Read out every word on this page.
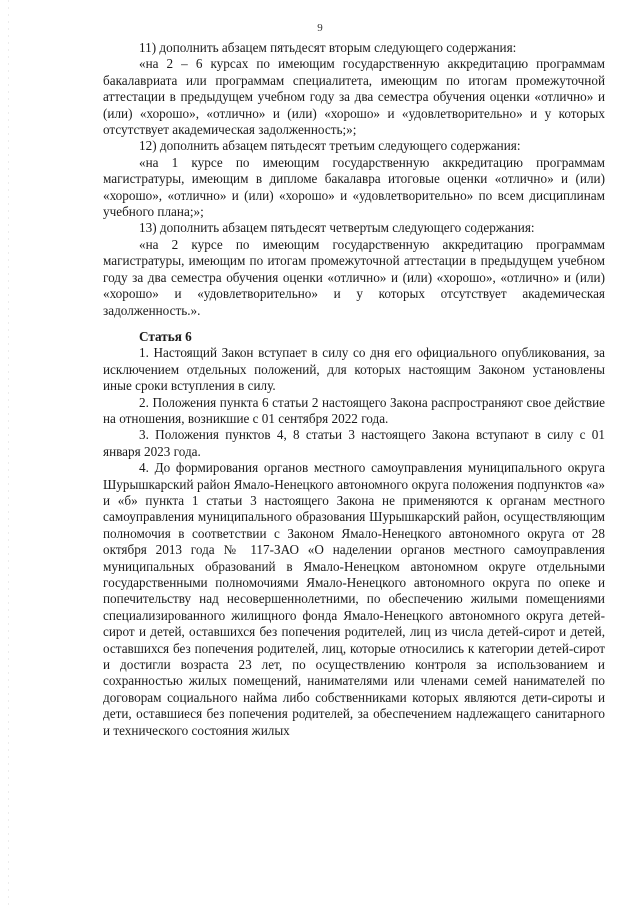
9

11) дополнить абзацем пятьдесят вторым следующего содержания:

«на 2 – 6 курсах по имеющим государственную аккредитацию программам бакалавриата или программам специалитета, имеющим по итогам промежуточной аттестации в предыдущем учебном году за два семестра обучения оценки «отлично» и (или) «хорошо», «отлично» и (или) «хорошо» и «удовлетворительно» и у которых отсутствует академическая задолженность;»;

12) дополнить абзацем пятьдесят третьим следующего содержания:

«на 1 курсе по имеющим государственную аккредитацию программам магистратуры, имеющим в дипломе бакалавра итоговые оценки «отлично» и (или) «хорошо», «отлично» и (или) «хорошо» и «удовлетворительно» по всем дисциплинам учебного плана;»;

13) дополнить абзацем пятьдесят четвертым следующего содержания:

«на 2 курсе по имеющим государственную аккредитацию программам магистратуры, имеющим по итогам промежуточной аттестации в предыдущем учебном году за два семестра обучения оценки «отлично» и (или) «хорошо», «отлично» и (или) «хорошо» и «удовлетворительно» и у которых отсутствует академическая задолженность.».

Статья 6

1. Настоящий Закон вступает в силу со дня его официального опубликования, за исключением отдельных положений, для которых настоящим Законом установлены иные сроки вступления в силу.

2. Положения пункта 6 статьи 2 настоящего Закона распространяют свое действие на отношения, возникшие с 01 сентября 2022 года.

3. Положения пунктов 4, 8 статьи 3 настоящего Закона вступают в силу с 01 января 2023 года.

4. До формирования органов местного самоуправления муниципального округа Шурышкарский район Ямало-Ненецкого автономного округа положения подпунктов «а» и «б» пункта 1 статьи 3 настоящего Закона не применяются к органам местного самоуправления муниципального образования Шурышкарский район, осуществляющим полномочия в соответствии с Законом Ямало-Ненецкого автономного округа от 28 октября 2013 года № 117-ЗАО «О наделении органов местного самоуправления муниципальных образований в Ямало-Ненецком автономном округе отдельными государственными полномочиями Ямало-Ненецкого автономного округа по опеке и попечительству над несовершеннолетними, по обеспечению жилыми помещениями специализированного жилищного фонда Ямало-Ненецкого автономного округа детей-сирот и детей, оставшихся без попечения родителей, лиц из числа детей-сирот и детей, оставшихся без попечения родителей, лиц, которые относились к категории детей-сирот и достигли возраста 23 лет, по осуществлению контроля за использованием и сохранностью жилых помещений, нанимателями или членами семей нанимателей по договорам социального найма либо собственниками которых являются дети-сироты и дети, оставшиеся без попечения родителей, за обеспечением надлежащего санитарного и технического состояния жилых
